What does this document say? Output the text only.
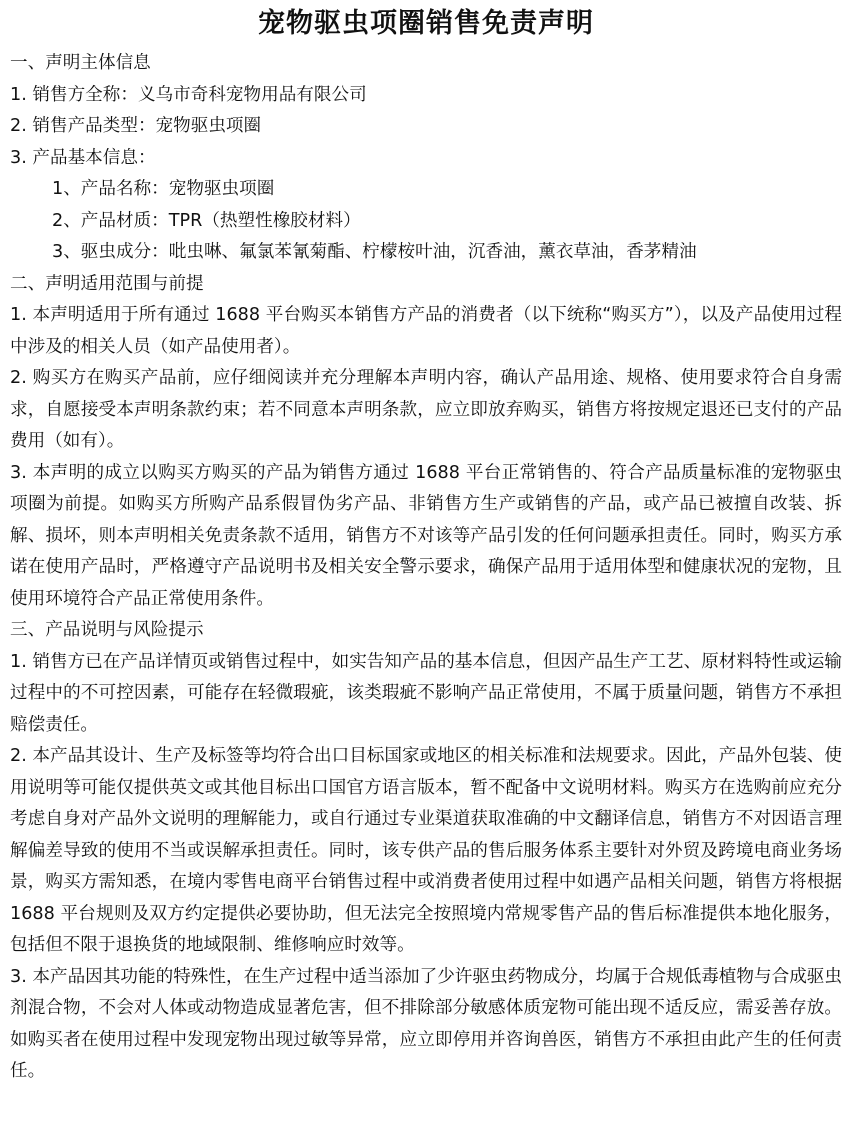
宠物驱虫项圈销售免责声明

一、声明主体信息

1. 销售方全称：义乌市奇科宠物用品有限公司

2. 销售产品类型：宠物驱虫项圈

3. 产品基本信息：

1、产品名称：宠物驱虫项圈

2、产品材质：TPR（热塑性橡胶材料）

3、驱虫成分：吡虫啉、氟氯苯氰菊酯、柠檬桉叶油，沉香油，薰衣草油，香茅精油

二、声明适用范围与前提

1. 本声明适用于所有通过 1688 平台购买本销售方产品的消费者（以下统称“购买方”），以及产品使用过程中涉及的相关人员（如产品使用者）。

2. 购买方在购买产品前，应仔细阅读并充分理解本声明内容，确认产品用途、规格、使用要求符合自身需求，自愿接受本声明条款约束；若不同意本声明条款，应立即放弃购买，销售方将按规定退还已支付的产品费用（如有）。

3. 本声明的成立以购买方购买的产品为销售方通过 1688 平台正常销售的、符合产品质量标准的宠物驱虫项圈为前提。如购买方所购产品系假冒伪劣产品、非销售方生产或销售的产品，或产品已被擅自改装、拆解、损坏，则本声明相关免责条款不适用，销售方不对该等产品引发的任何问题承担责任。同时，购买方承诺在使用产品时，严格遵守产品说明书及相关安全警示要求，确保产品用于适用体型和健康状况的宠物，且使用环境符合产品正常使用条件。

三、产品说明与风险提示

1. 销售方已在产品详情页或销售过程中，如实告知产品的基本信息，但因产品生产工艺、原材料特性或运输过程中的不可控因素，可能存在轻微瑕疵，该类瑕疵不影响产品正常使用，不属于质量问题，销售方不承担赔偿责任。

2. 本产品其设计、生产及标签等均符合出口目标国家或地区的相关标准和法规要求。因此，产品外包装、使用说明等可能仅提供英文或其他目标出口国官方语言版本，暂不配备中文说明材料。购买方在选购前应充分考虑自身对产品外文说明的理解能力，或自行通过专业渠道获取准确的中文翻译信息，销售方不对因语言理解偏差导致的使用不当或误解承担责任。同时，该专供产品的售后服务体系主要针对外贸及跨境电商业务场景，购买方需知悉，在境内零售电商平台销售过程中或消费者使用过程中如遇产品相关问题，销售方将根据 1688 平台规则及双方约定提供必要协助，但无法完全按照境内常规零售产品的售后标准提供本地化服务，包括但不限于退换货的地域限制、维修响应时效等。

3. 本产品因其功能的特殊性，在生产过程中适当添加了少许驱虫药物成分，均属于合规低毒植物与合成驱虫剂混合物，不会对人体或动物造成显著危害，但不排除部分敏感体质宠物可能出现不适反应，需妥善存放。如购买者在使用过程中发现宠物出现过敏等异常，应立即停用并咨询兽医，销售方不承担由此产生的任何责任。
